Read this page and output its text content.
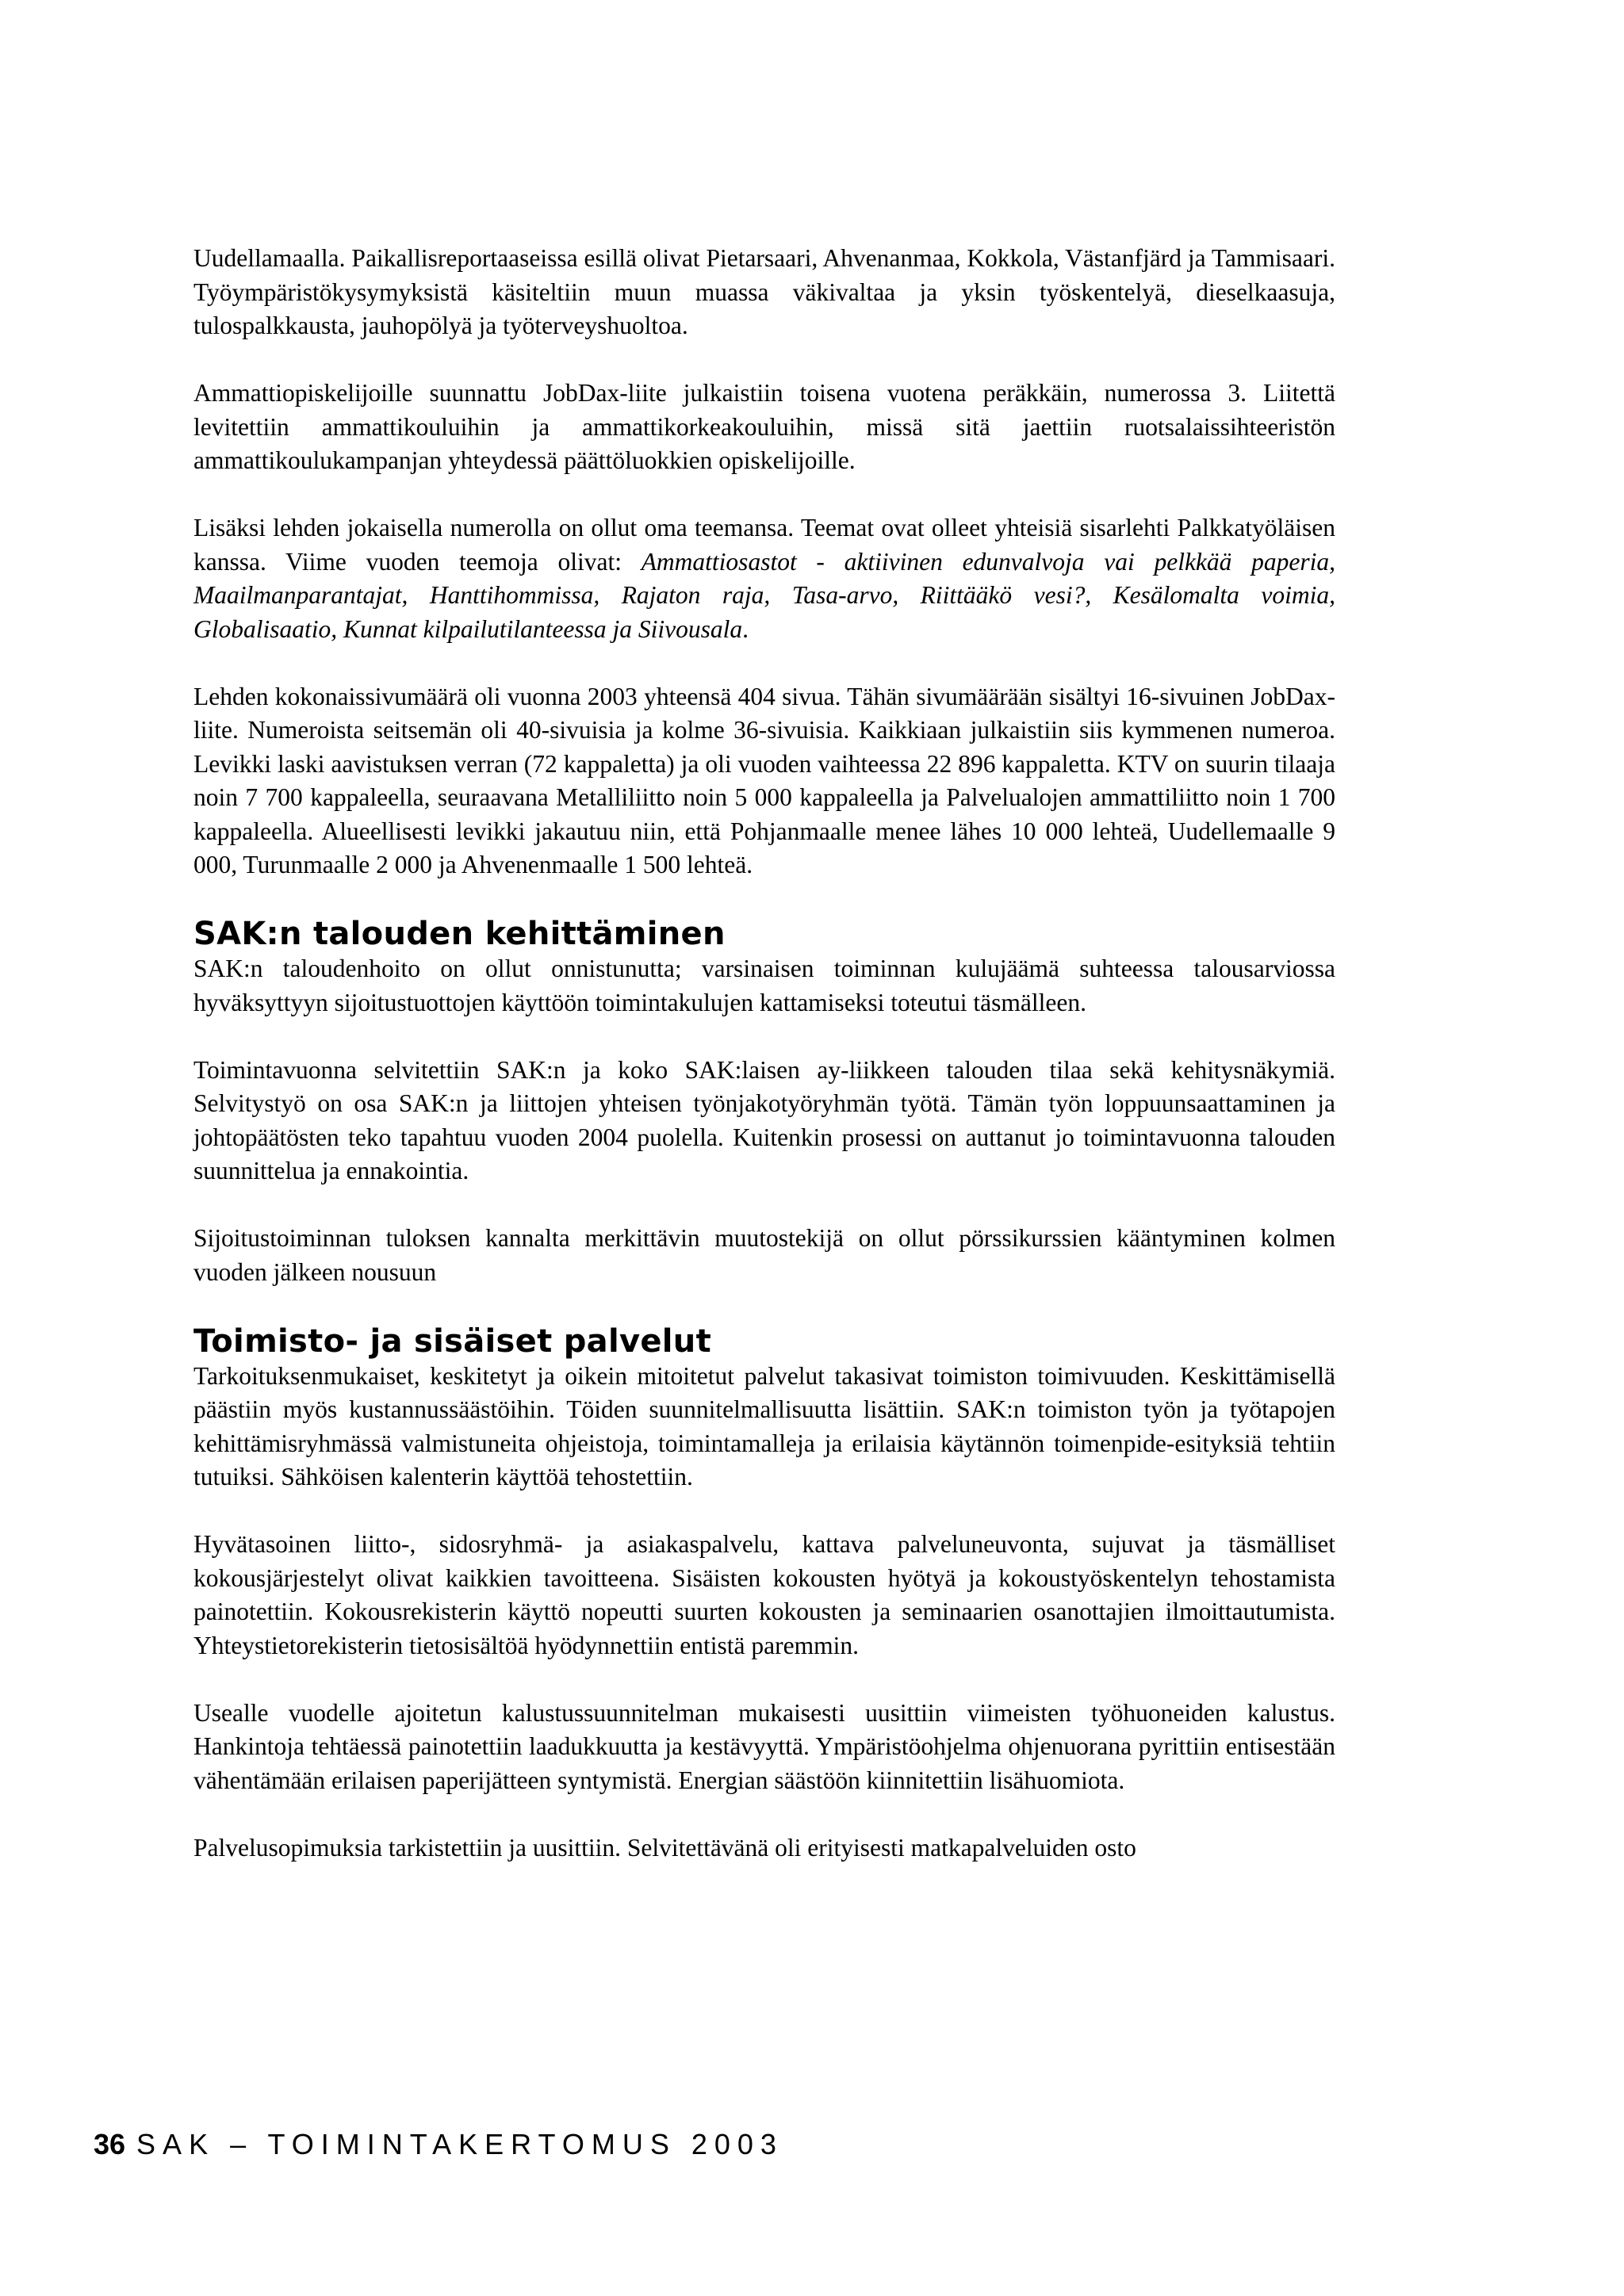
Uudellamaalla. Paikallisreportaaseissa esillä olivat Pietarsaari, Ahvenanmaa, Kokkola, Västanfjärd ja Tammisaari. Työympäristökysymyksistä käsiteltiin muun muassa väkivaltaa ja yksin työskentelyä, dieselkaasuja, tulospalkkausta, jauhopölyä ja työterveyshuoltoa.

Ammattiopiskelijoille suunnattu JobDax-liite julkaistiin toisena vuotena peräkkäin, numerossa 3. Liitettä levitettiin ammattikouluihin ja ammattikorkeakouluihin, missä sitä jaettiin ruotsalaissihteeristön ammattikoulukampanjan yhteydessä päättöluokkien opiskelijoille.

Lisäksi lehden jokaisella numerolla on ollut oma teemansa. Teemat ovat olleet yhteisiä sisarlehti Palkkatyöläisen kanssa. Viime vuoden teemoja olivat: Ammattiosastot - aktiivinen edunvalvoja vai pelkkää paperia, Maailmanparantajat, Hanttihommissa, Rajaton raja, Tasa-arvo, Riittääkö vesi?, Kesälomalta voimia, Globalisaatio, Kunnat kilpailutilanteessa ja Siivousala.

Lehden kokonaissivumäärä oli vuonna 2003 yhteensä 404 sivua. Tähän sivumäärään sisältyi 16-sivuinen JobDax-liite. Numeroista seitsemän oli 40-sivuisia ja kolme 36-sivuisia. Kaikkiaan julkaistiin siis kymmenen numeroa. Levikki laski aavistuksen verran (72 kappaletta) ja oli vuoden vaihteessa 22 896 kappaletta. KTV on suurin tilaaja noin 7 700 kappaleella, seuraavana Metalliliitto noin 5 000 kappaleella ja Palvelualojen ammattiliitto noin 1 700 kappaleella. Alueellisesti levikki jakautuu niin, että Pohjanmaalle menee lähes 10 000 lehteä, Uudellemaalle 9 000, Turunmaalle 2 000 ja Ahvenenmaalle 1 500 lehteä.

SAK:n talouden kehittäminen

SAK:n taloudenhoito on ollut onnistunutta; varsinaisen toiminnan kulujäämä suhteessa talousarviossa hyväksyttyyn sijoitustuottojen käyttöön toimintakulujen kattamiseksi toteutui täsmälleen.

Toimintavuonna selvitettiin SAK:n ja koko SAK:laisen ay-liikkeen talouden tilaa sekä kehitysnäkymiä. Selvitystyö on osa SAK:n ja liittojen yhteisen työnjakotyöryhmän työtä. Tämän työn loppuunsaattaminen ja johtopäätösten teko tapahtuu vuoden 2004 puolella. Kuitenkin prosessi on auttanut jo toimintavuonna talouden suunnittelua ja ennakointia.

Sijoitustoiminnan tuloksen kannalta merkittävin muutostekijä on ollut pörssikurssien kääntyminen kolmen vuoden jälkeen nousuun

Toimisto- ja sisäiset palvelut

Tarkoituksenmukaiset, keskitetyt ja oikein mitoitetut palvelut takasivat toimiston toimivuuden. Keskittämisellä päästiin myös kustannussäästöihin. Töiden suunnitelmallisuutta lisättiin. SAK:n toimiston työn ja työtapojen kehittämisryhmässä valmistuneita ohjeistoja, toimintamalleja ja erilaisia käytännön toimenpide-esityksiä tehtiin tutuiksi. Sähköisen kalenterin käyttöä tehostettiin.

Hyvätasoinen liitto-, sidosryhmä- ja asiakaspalvelu, kattava palveluneuvonta, sujuvat ja täsmälliset kokousjärjestelyt olivat kaikkien tavoitteena. Sisäisten kokousten hyötyä ja kokoustyöskentelyn tehostamista painotettiin. Kokousrekisterin käyttö nopeutti suurten kokousten ja seminaarien osanottajien ilmoittautumista. Yhteystietorekisterin tietosisältöä hyödynnettiin entistä paremmin.

Usealle vuodelle ajoitetun kalustussuunnitelman mukaisesti uusittiin viimeisten työhuoneiden kalustus. Hankintoja tehtäessä painotettiin laadukkuutta ja kestävyyttä. Ympäristöohjelma ohjenuorana pyrittiin entisestään vähentämään erilaisen paperijätteen syntymistä. Energian säästöön kiinnitettiin lisähuomiota.

Palvelusopimuksia tarkistettiin ja uusittiin. Selvitettävänä oli erityisesti matkapalveluiden osto

36 SAK – TOIMINTAKERTOMUS 2003
